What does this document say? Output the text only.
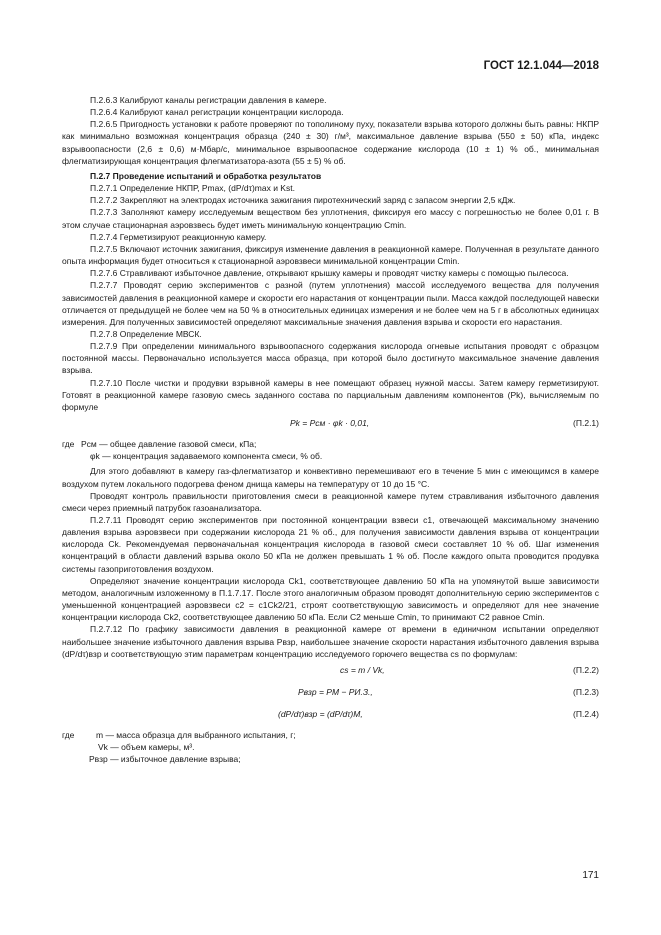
ГОСТ 12.1.044—2018

П.2.6.3 Калибруют каналы регистрации давления в камере.

П.2.6.4 Калибруют канал регистрации концентрации кислорода.

П.2.6.5 Пригодность установки к работе проверяют по тополиному пуху, показатели взрыва которого должны быть равны: НКПР как минимально возможная концентрация образца (240 ± 30) г/м³, максимальное давление взрыва (550 ± 50) кПа, индекс взрывоопасности (2,6 ± 0,6) м·Мбар/с, минимальное взрывоопасное содержание кислорода (10 ± 1) % об., минимальная флегматизирующая концентрация флегматизатора-азота (55 ± 5) % об.

П.2.7 Проведение испытаний и обработка результатов

П.2.7.1 Определение НКПР, Pmax, (dP/dτ)max и Kst.

П.2.7.2 Закрепляют на электродах источника зажигания пиротехнический заряд с запасом энергии 2,5 кДж.

П.2.7.3 Заполняют камеру исследуемым веществом без уплотнения, фиксируя его массу с погрешностью не более 0,01 г. В этом случае стационарная аэровзвесь будет иметь минимальную концентрацию Cmin.

П.2.7.4 Герметизируют реакционную камеру.

П.2.7.5 Включают источник зажигания, фиксируя изменение давления в реакционной камере. Полученная в результате данного опыта информация будет относиться к стационарной аэровзвеси минимальной концентрации Cmin.

П.2.7.6 Стравливают избыточное давление, открывают крышку камеры и проводят чистку камеры с помощью пылесоса.

П.2.7.7 Проводят серию экспериментов с разной (путем уплотнения) массой исследуемого вещества для получения зависимостей давления в реакционной камере и скорости его нарастания от концентрации пыли. Масса каждой последующей навески отличается от предыдущей не более чем на 50 % в относительных единицах измерения и не более чем на 5 г в абсолютных единицах измерения. Для полученных зависимостей определяют максимальные значения давления взрыва и скорости его нарастания.

П.2.7.8 Определение МВСК.

П.2.7.9 При определении минимального взрывоопасного содержания кислорода огневые испытания проводят с образцом постоянной массы. Первоначально используется масса образца, при которой было достигнуто максимальное значение давления взрыва.

П.2.7.10 После чистки и продувки взрывной камеры в нее помещают образец нужной массы. Затем камеру герметизируют. Готовят в реакционной камере газовую смесь заданного состава по парциальным давлениям компонентов (Pk), вычисляемым по формуле

Pk = Pсм · φk · 0,01,	(П.2.1)
где Pсм — общее давление газовой смеси, кПа;
φk — концентрация задаваемого компонента смеси, % об.

Для этого добавляют в камеру газ-флегматизатор и конвективно перемешивают его в течение 5 мин с имеющимся в камере воздухом путем локального подогрева феном днища камеры на температуру от 10 до 15 °С.

Проводят контроль правильности приготовления смеси в реакционной камере путем стравливания избыточного давления смеси через приемный патрубок газоанализатора.

П.2.7.11 Проводят серию экспериментов при постоянной концентрации взвеси c1, отвечающей максимальному значению давления взрыва аэровзвеси при содержании кислорода 21 % об., для получения зависимости давления взрыва от концентрации кислорода Ck. Рекомендуемая первоначальная концентрация кислорода в газовой смеси составляет 10 % об. Шаг изменения концентраций в области давлений взрыва около 50 кПа не должен превышать 1 % об. После каждого опыта проводится продувка системы газоприготовления воздухом.

Определяют значение концентрации кислорода Ck1, соответствующее давлению 50 кПа на упомянутой выше зависимости методом, аналогичным изложенному в П.1.7.17. После этого аналогичным образом проводят дополнительную серию экспериментов с уменьшенной концентрацией аэровзвеси c2 = c1Ck2/21, строят соответствующую зависимость и определяют для нее значение концентрации кислорода Ck2, соответствующее давлению 50 кПа. Если C2 меньше Cmin, то принимают C2 равное Cmin.

П.2.7.12 По графику зависимости давления в реакционной камере от времени в единичном испытании определяют наибольшее значение избыточного давления взрыва Pвзр, наибольшее значение скорости нарастания избыточного давления взрыва (dP/dτ)взр и соответствующую этим параметрам концентрацию исследуемого горючего вещества cs по формулам:

cs = m / Vk,	(П.2.2)
Pвзр = PM − PИ.З.,	(П.2.3)
(dP/dτ)взр = (dP/dτ)M,	(П.2.4)
где	m — масса образца для выбранного испытания, г;
Vk — объем камеры, м³.
Pвзр — избыточное давление взрыва;
171
